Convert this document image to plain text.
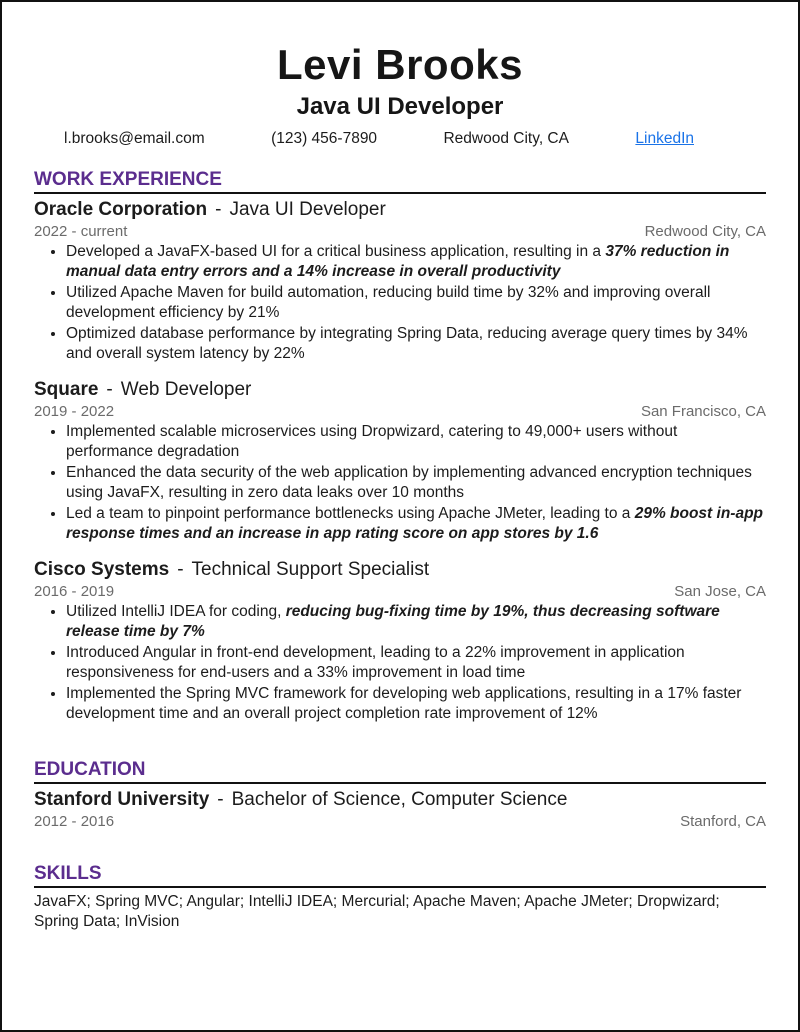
Levi Brooks
Java UI Developer
l.brooks@email.com	(123) 456-7890	Redwood City, CA	LinkedIn
WORK EXPERIENCE
Oracle Corporation - Java UI Developer
2022 - current	Redwood City, CA
• Developed a JavaFX-based UI for a critical business application, resulting in a 37% reduction in manual data entry errors and a 14% increase in overall productivity
• Utilized Apache Maven for build automation, reducing build time by 32% and improving overall development efficiency by 21%
• Optimized database performance by integrating Spring Data, reducing average query times by 34% and overall system latency by 22%
Square - Web Developer
2019 - 2022	San Francisco, CA
• Implemented scalable microservices using Dropwizard, catering to 49,000+ users without performance degradation
• Enhanced the data security of the web application by implementing advanced encryption techniques using JavaFX, resulting in zero data leaks over 10 months
• Led a team to pinpoint performance bottlenecks using Apache JMeter, leading to a 29% boost in-app response times and an increase in app rating score on app stores by 1.6
Cisco Systems - Technical Support Specialist
2016 - 2019	San Jose, CA
• Utilized IntelliJ IDEA for coding, reducing bug-fixing time by 19%, thus decreasing software release time by 7%
• Introduced Angular in front-end development, leading to a 22% improvement in application responsiveness for end-users and a 33% improvement in load time
• Implemented the Spring MVC framework for developing web applications, resulting in a 17% faster development time and an overall project completion rate improvement of 12%
EDUCATION
Stanford University - Bachelor of Science, Computer Science
2012 - 2016	Stanford, CA
SKILLS

JavaFX; Spring MVC; Angular; IntelliJ IDEA; Mercurial; Apache Maven; Apache JMeter; Dropwizard; Spring Data; InVision
